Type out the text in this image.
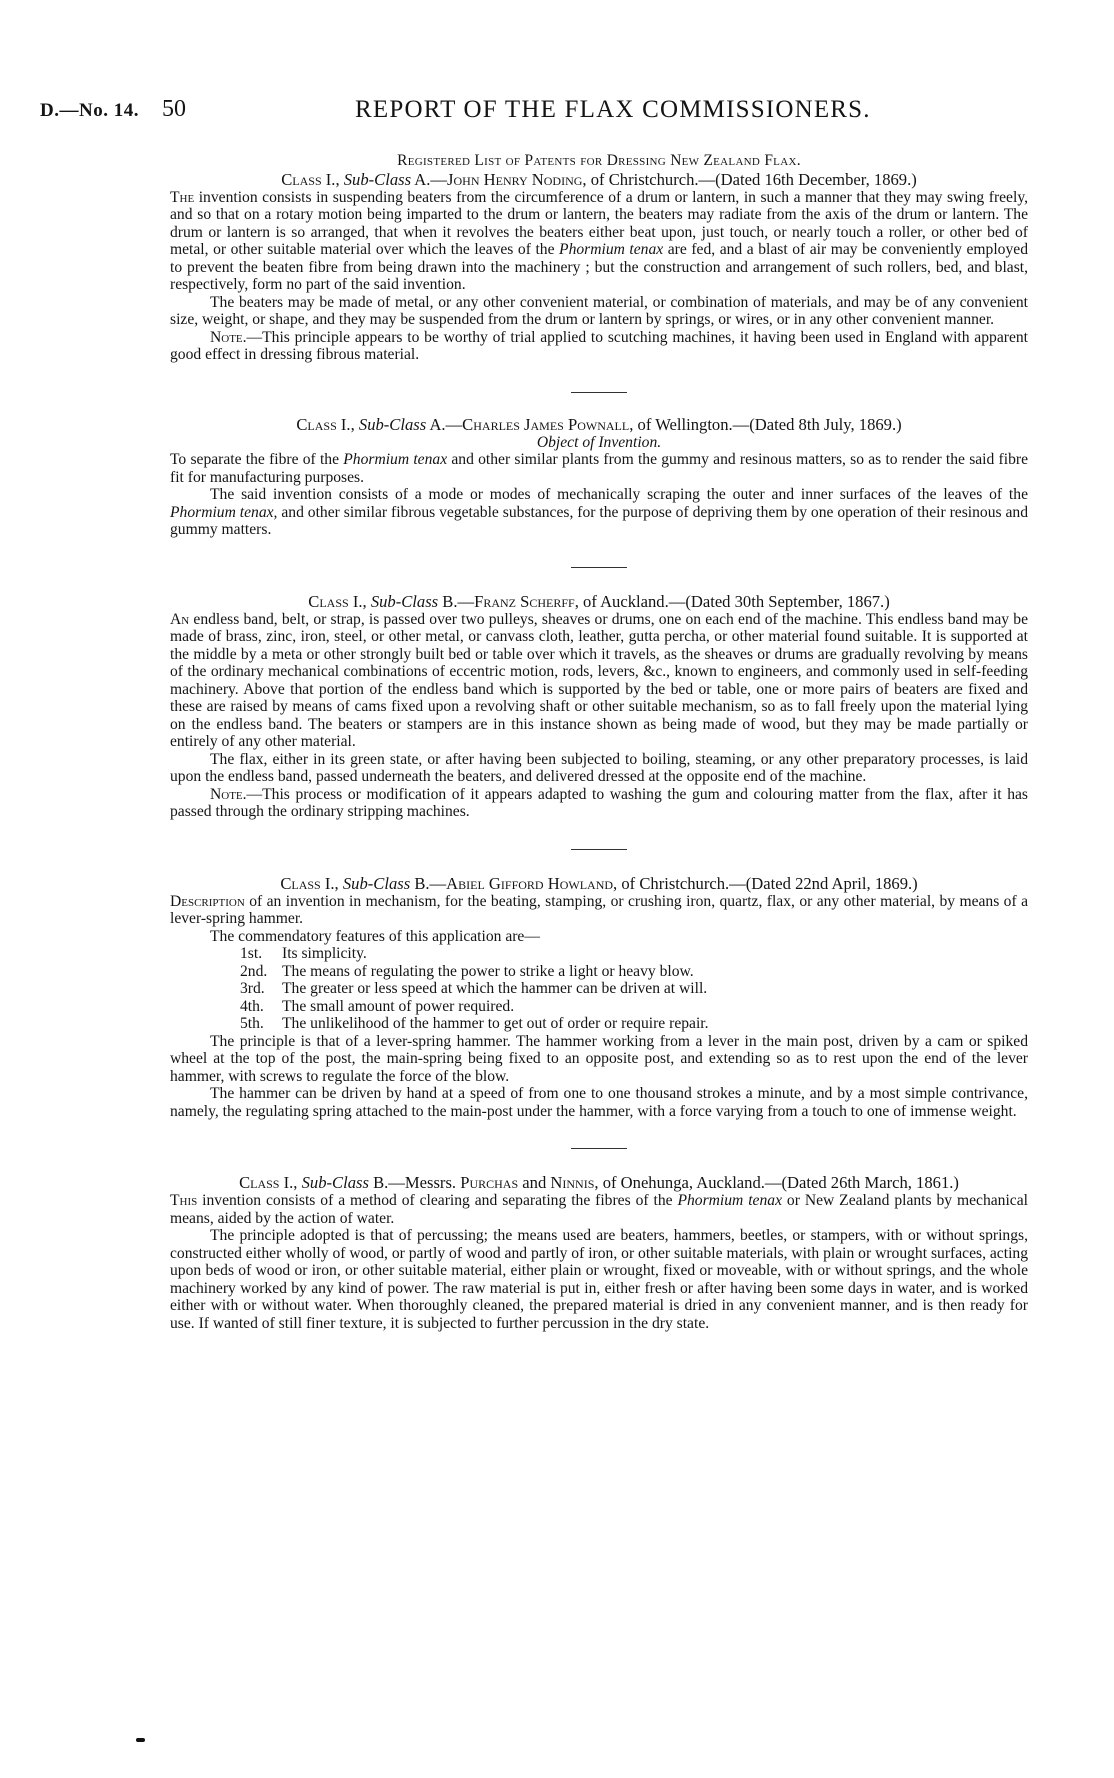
D.—No. 14. 50	REPORT OF THE FLAX COMMISSIONERS.

Registered List of Patents for Dressing New Zealand Flax.

Class I., Sub-Class A.—John Henry Noding, of Christchurch.—(Dated 16th December, 1869.)

The invention consists in suspending beaters from the circumference of a drum or lantern, in such a manner that they may swing freely, and so that on a rotary motion being imparted to the drum or lantern, the beaters may radiate from the axis of the drum or lantern. The drum or lantern is so arranged, that when it revolves the beaters either beat upon, just touch, or nearly touch a roller, or other bed of metal, or other suitable material over which the leaves of the Phormium tenax are fed, and a blast of air may be conveniently employed to prevent the beaten fibre from being drawn into the machinery ; but the construction and arrangement of such rollers, bed, and blast, respectively, form no part of the said invention.

The beaters may be made of metal, or any other convenient material, or combination of materials, and may be of any convenient size, weight, or shape, and they may be suspended from the drum or lantern by springs, or wires, or in any other convenient manner.

Note.—This principle appears to be worthy of trial applied to scutching machines, it having been used in England with apparent good effect in dressing fibrous material.

Class I., Sub-Class A.—Charles James Pownall, of Wellington.—(Dated 8th July, 1869.)

Object of Invention.

To separate the fibre of the Phormium tenax and other similar plants from the gummy and resinous matters, so as to render the said fibre fit for manufacturing purposes.

The said invention consists of a mode or modes of mechanically scraping the outer and inner surfaces of the leaves of the Phormium tenax, and other similar fibrous vegetable substances, for the purpose of depriving them by one operation of their resinous and gummy matters.

Class I., Sub-Class B.—Franz Scherff, of Auckland.—(Dated 30th September, 1867.)

An endless band, belt, or strap, is passed over two pulleys, sheaves or drums, one on each end of the machine. This endless band may be made of brass, zinc, iron, steel, or other metal, or canvass cloth, leather, gutta percha, or other material found suitable. It is supported at the middle by a meta or other strongly built bed or table over which it travels, as the sheaves or drums are gradually revolving by means of the ordinary mechanical combinations of eccentric motion, rods, levers, &c., known to engineers, and commonly used in self-feeding machinery. Above that portion of the endless band which is supported by the bed or table, one or more pairs of beaters are fixed and these are raised by means of cams fixed upon a revolving shaft or other suitable mechanism, so as to fall freely upon the material lying on the endless band. The beaters or stampers are in this instance shown as being made of wood, but they may be made partially or entirely of any other material.

The flax, either in its green state, or after having been subjected to boiling, steaming, or any other preparatory processes, is laid upon the endless band, passed underneath the beaters, and delivered dressed at the opposite end of the machine.

Note.—This process or modification of it appears adapted to washing the gum and colouring matter from the flax, after it has passed through the ordinary stripping machines.

Class I., Sub-Class B.—Abiel Gifford Howland, of Christchurch.—(Dated 22nd April, 1869.)

Description of an invention in mechanism, for the beating, stamping, or crushing iron, quartz, flax, or any other material, by means of a lever-spring hammer.

The commendatory features of this application are—

1st. Its simplicity.
2nd. The means of regulating the power to strike a light or heavy blow.
3rd. The greater or less speed at which the hammer can be driven at will.
4th. The small amount of power required.
5th. The unlikelihood of the hammer to get out of order or require repair.

The principle is that of a lever-spring hammer. The hammer working from a lever in the main post, driven by a cam or spiked wheel at the top of the post, the main-spring being fixed to an opposite post, and extending so as to rest upon the end of the lever hammer, with screws to regulate the force of the blow.

The hammer can be driven by hand at a speed of from one to one thousand strokes a minute, and by a most simple contrivance, namely, the regulating spring attached to the main-post under the hammer, with a force varying from a touch to one of immense weight.

Class I., Sub-Class B.—Messrs. Purchas and Ninnis, of Onehunga, Auckland.—(Dated 26th March, 1861.)

This invention consists of a method of clearing and separating the fibres of the Phormium tenax or New Zealand plants by mechanical means, aided by the action of water.

The principle adopted is that of percussing; the means used are beaters, hammers, beetles, or stampers, with or without springs, constructed either wholly of wood, or partly of wood and partly of iron, or other suitable materials, with plain or wrought surfaces, acting upon beds of wood or iron, or other suitable material, either plain or wrought, fixed or moveable, with or without springs, and the whole machinery worked by any kind of power. The raw material is put in, either fresh or after having been some days in water, and is worked either with or without water. When thoroughly cleaned, the prepared material is dried in any convenient manner, and is then ready for use. If wanted of still finer texture, it is subjected to further percussion in the dry state.
